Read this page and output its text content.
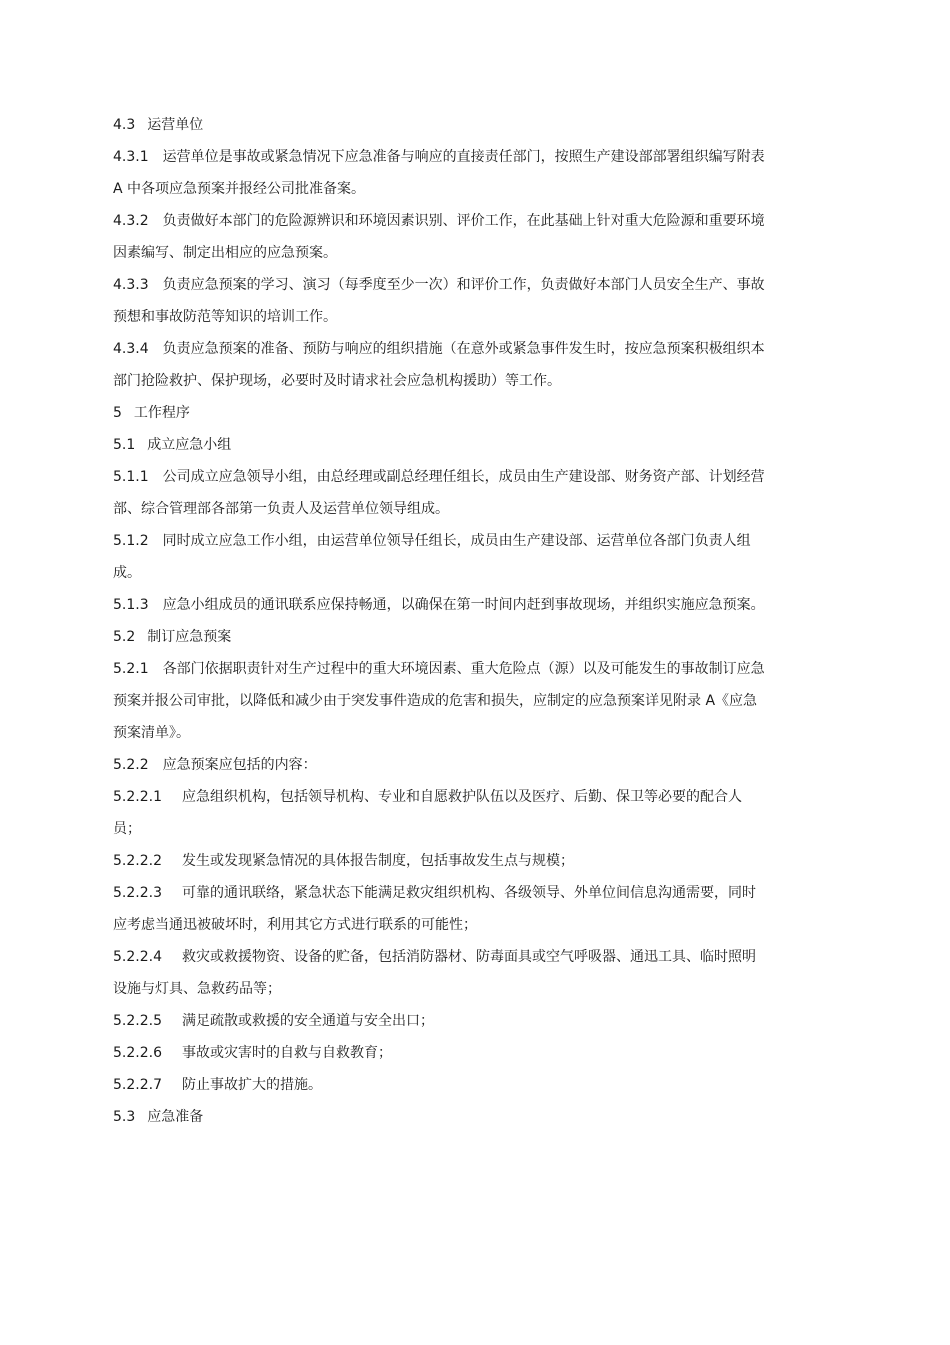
4.3 运营单位

4.3.1 运营单位是事故或紧急情况下应急准备与响应的直接责任部门，按照生产建设部部署组织编写附表 A 中各项应急预案并报经公司批准备案。

4.3.2 负责做好本部门的危险源辨识和环境因素识别、评价工作，在此基础上针对重大危险源和重要环境因素编写、制定出相应的应急预案。

4.3.3 负责应急预案的学习、演习（每季度至少一次）和评价工作，负责做好本部门人员安全生产、事故预想和事故防范等知识的培训工作。

4.3.4 负责应急预案的准备、预防与响应的组织措施（在意外或紧急事件发生时，按应急预案积极组织本部门抢险救护、保护现场，必要时及时请求社会应急机构援助）等工作。

5 工作程序

5.1 成立应急小组

5.1.1 公司成立应急领导小组，由总经理或副总经理任组长，成员由生产建设部、财务资产部、计划经营部、综合管理部各部第一负责人及运营单位领导组成。

5.1.2 同时成立应急工作小组，由运营单位领导任组长，成员由生产建设部、运营单位各部门负责人组成。

5.1.3 应急小组成员的通讯联系应保持畅通，以确保在第一时间内赶到事故现场，并组织实施应急预案。

5.2 制订应急预案

5.2.1 各部门依据职责针对生产过程中的重大环境因素、重大危险点（源）以及可能发生的事故制订应急预案并报公司审批，以降低和减少由于突发事件造成的危害和损失，应制定的应急预案详见附录 A《应急预案清单》。

5.2.2 应急预案应包括的内容：

5.2.2.1 应急组织机构，包括领导机构、专业和自愿救护队伍以及医疗、后勤、保卫等必要的配合人员；

5.2.2.2 发生或发现紧急情况的具体报告制度，包括事故发生点与规模；

5.2.2.3 可靠的通讯联络，紧急状态下能满足救灾组织机构、各级领导、外单位间信息沟通需要，同时应考虑当通迅被破坏时，利用其它方式进行联系的可能性；

5.2.2.4 救灾或救援物资、设备的贮备，包括消防器材、防毒面具或空气呼吸器、通迅工具、临时照明设施与灯具、急救药品等；

5.2.2.5 满足疏散或救援的安全通道与安全出口；

5.2.2.6 事故或灾害时的自救与自救教育；

5.2.2.7 防止事故扩大的措施。

5.3 应急准备
